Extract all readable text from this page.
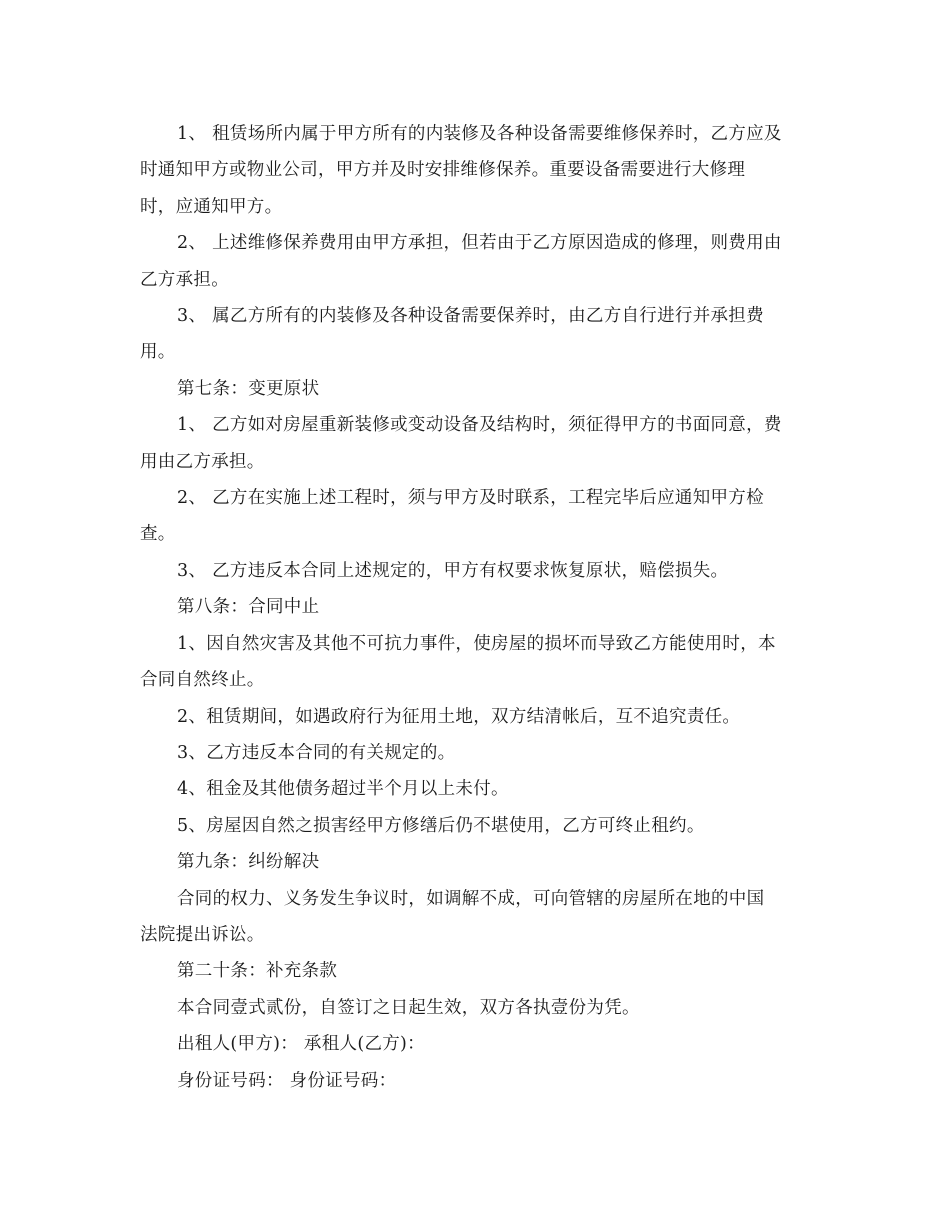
1、 租赁场所内属于甲方所有的内装修及各种设备需要维修保养时，乙方应及

时通知甲方或物业公司，甲方并及时安排维修保养。重要设备需要进行大修理

时，应通知甲方。

2、 上述维修保养费用由甲方承担，但若由于乙方原因造成的修理，则费用由

乙方承担。

3、 属乙方所有的内装修及各种设备需要保养时，由乙方自行进行并承担费

用。

第七条：变更原状

1、 乙方如对房屋重新装修或变动设备及结构时，须征得甲方的书面同意，费

用由乙方承担。

2、 乙方在实施上述工程时，须与甲方及时联系，工程完毕后应通知甲方检

查。

3、 乙方违反本合同上述规定的，甲方有权要求恢复原状，赔偿损失。

第八条：合同中止

1、因自然灾害及其他不可抗力事件，使房屋的损坏而导致乙方能使用时，本

合同自然终止。

2、租赁期间，如遇政府行为征用土地，双方结清帐后，互不追究责任。

3、乙方违反本合同的有关规定的。

4、租金及其他债务超过半个月以上未付。

5、房屋因自然之损害经甲方修缮后仍不堪使用，乙方可终止租约。

第九条：纠纷解决

合同的权力、义务发生争议时，如调解不成，可向管辖的房屋所在地的中国

法院提出诉讼。

第二十条：补充条款

本合同壹式贰份，自签订之日起生效，双方各执壹份为凭。

出租人(甲方)： 承租人(乙方)：

身份证号码： 身份证号码：
